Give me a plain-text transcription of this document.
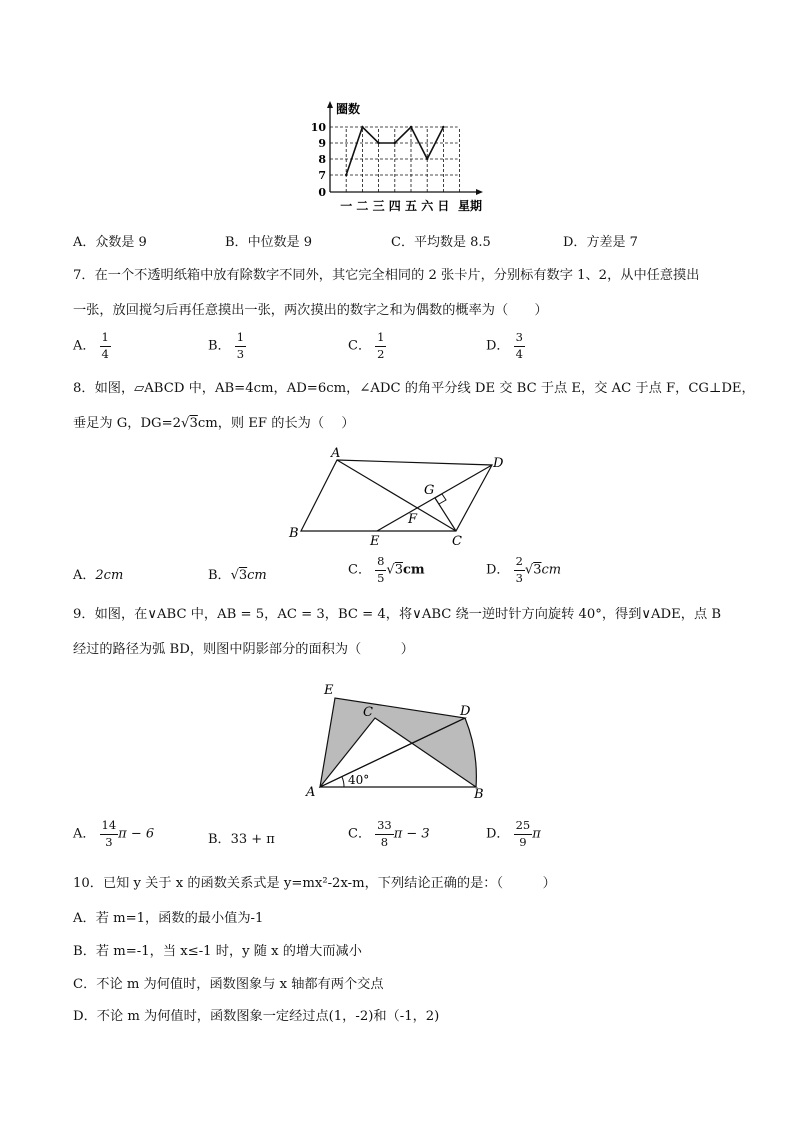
0
7
8
9
10
一 二 三 四 五 六 日
圈数
星期
A．众数是 9	B．中位数是 9	C．平均数是 8.5	D．方差是 7
7．在一个不透明纸箱中放有除数字不同外，其它完全相同的 2 张卡片，分别标有数字 1、2，从中任意摸出
一张，放回搅匀后再任意摸出一张，两次摸出的数字之和为偶数的概率为（　　）
A． $\frac{1}{4}$	B． $\frac{1}{3}$	C． $\frac{1}{2}$	D． $\frac{3}{4}$
8．如图，▱ABCD 中，AB=4cm，AD=6cm，∠ADC 的角平分线 DE 交 BC 于点 E，交 AC 于点 F，CG⊥DE，
垂足为 G，DG=2√3cm，则 EF 的长为（　 ）
A
D
B
C
E
F
G
A．2cm	B．√3cm	C． $\frac{8}{5} √3cm$	D． $\frac{2}{3} √3cm$
9．如图，在∨ABC 中，AB = 5，AC = 3，BC = 4，将∨ABC 绕一逆时针方向旋转 40°，得到∨ADE，点 B
经过的路径为弧 BD，则图中阴影部分的面积为（　　　）
40°
A	B
C	D
E
A． $\frac{14}{3}$ π − 6	B．33 + π	C． $\frac{33}{8}$ π − 3	D． $\frac{25}{9}$ π
10．已知 y 关于 x 的函数关系式是 y=mx²-2x-m，下列结论正确的是：（　　　）
A．若 m=1，函数的最小值为-1
B．若 m=-1，当 x≤-1 时，y 随 x 的增大而减小
C．不论 m 为何值时，函数图象与 x 轴都有两个交点
D．不论 m 为何值时，函数图象一定经过点(1，-2)和（-1，2)
